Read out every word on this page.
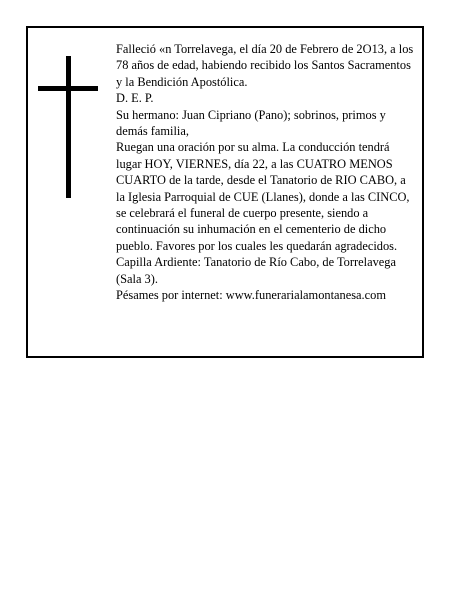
Falleció «n Torrelavega, el día 20 de Febrero de 2O13, a los 78 años de edad, habiendo recibido los Santos Sacramentos y la Bendición Apostólica.

D. E. P.

Su hermano: Juan Cipriano (Pano); sobrinos, primos y demás familia,

Ruegan una oración por su alma. La conducción tendrá lugar HOY, VIERNES, día 22, a las CUATRO MENOS CUARTO de la tarde, desde el Tanatorio de RIO CABO, a la Iglesia Parroquial de CUE (Llanes), donde a las CINCO, se celebrará el funeral de cuerpo presente, siendo a continuación su inhumación en el cementerio de dicho pueblo. Favores por los cuales les quedarán agradecidos. Capilla Ardiente: Tanatorio de Río Cabo, de Torrelavega (Sala 3).

Pésames por internet: www.funerarialamontanesa.com
